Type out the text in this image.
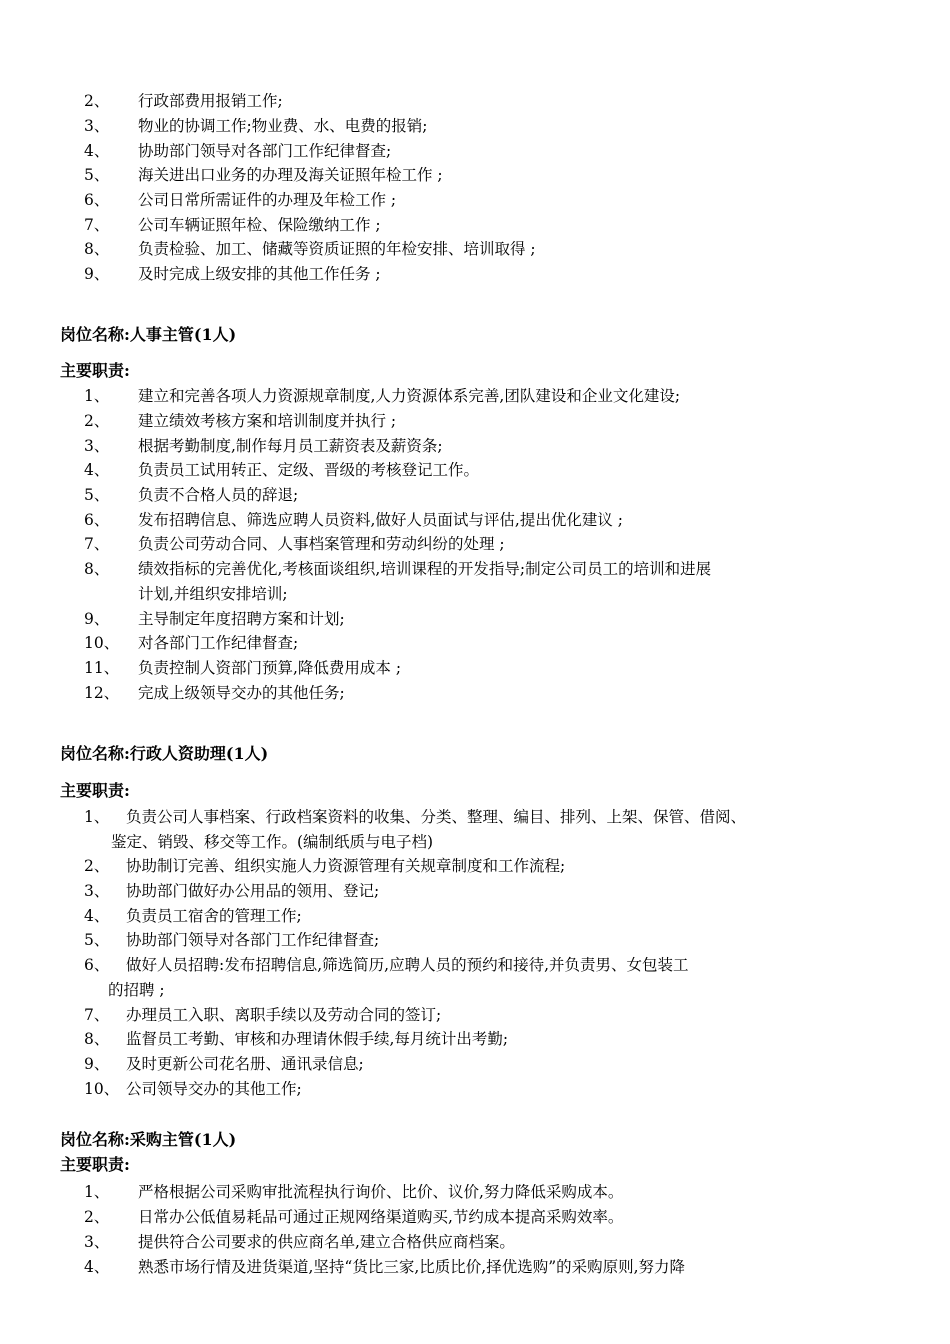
2、 行政部费用报销工作;
3、 物业的协调工作;物业费、水、电费的报销;
4、 协助部门领导对各部门工作纪律督查;
5、 海关进出口业务的办理及海关证照年检工作 ;
6、 公司日常所需证件的办理及年检工作 ;
7、 公司车辆证照年检、保险缴纳工作 ;
8、 负责检验、加工、储藏等资质证照的年检安排、培训取得 ;
9、 及时完成上级安排的其他工作任务 ;
岗位名称:人事主管(1人)
主要职责:
1、 建立和完善各项人力资源规章制度,人力资源体系完善,团队建设和企业文化建设;
2、 建立绩效考核方案和培训制度并执行 ;
3、 根据考勤制度,制作每月员工薪资表及薪资条;
4、 负责员工试用转正、定级、晋级的考核登记工作。
5、 负责不合格人员的辞退;
6、 发布招聘信息、筛选应聘人员资料,做好人员面试与评估,提出优化建议 ;
7、 负责公司劳动合同、人事档案管理和劳动纠纷的处理 ;
8、 绩效指标的完善优化,考核面谈组织,培训课程的开发指导;制定公司员工的培训和进展
计划,并组织安排培训;
9、 主导制定年度招聘方案和计划;
10、 对各部门工作纪律督查;
11、 负责控制人资部门预算,降低费用成本 ;
12、 完成上级领导交办的其他任务;
岗位名称:行政人资助理(1人)
主要职责:
1、 负责公司人事档案、行政档案资料的收集、分类、整理、编目、排列、上架、保管、借阅、
鉴定、销毁、移交等工作。(编制纸质与电子档)
2、 协助制订完善、组织实施人力资源管理有关规章制度和工作流程;
3、 协助部门做好办公用品的领用、登记;
4、 负责员工宿舍的管理工作;
5、 协助部门领导对各部门工作纪律督查;
6、 做好人员招聘:发布招聘信息,筛选简历,应聘人员的预约和接待,并负责男、女包装工
的招聘 ;
7、 办理员工入职、离职手续以及劳动合同的签订;
8、 监督员工考勤、审核和办理请休假手续,每月统计出考勤;
9、 及时更新公司花名册、通讯录信息;
10、 公司领导交办的其他工作;
岗位名称:采购主管(1人)
主要职责:
1、 严格根据公司采购审批流程执行询价、比价、议价,努力降低采购成本。
2、 日常办公低值易耗品可通过正规网络渠道购买,节约成本提高采购效率。
3、 提供符合公司要求的供应商名单,建立合格供应商档案。
4、 熟悉市场行情及进货渠道,坚持“货比三家,比质比价,择优选购”的采购原则,努力降
